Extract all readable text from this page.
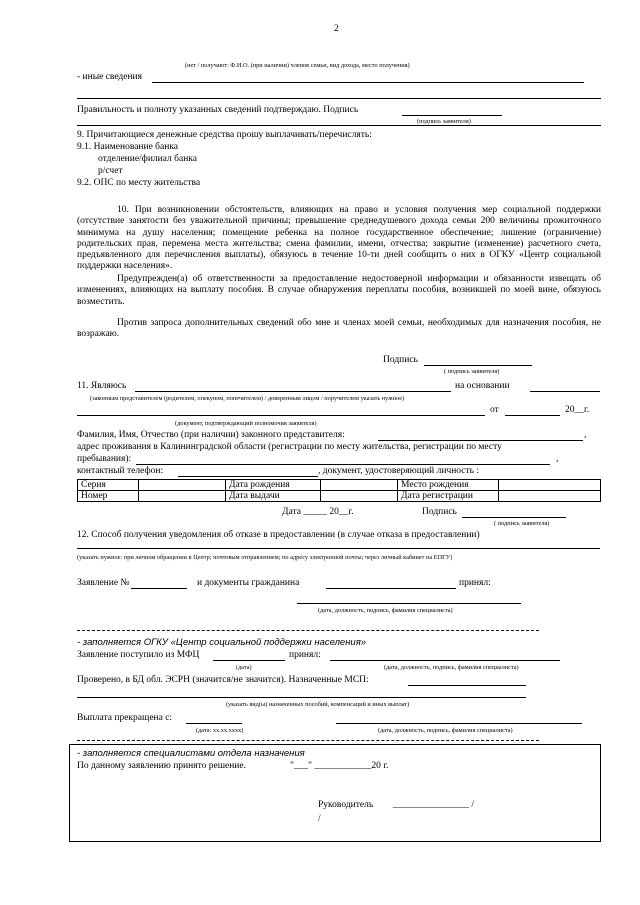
2
(нет / получают: Ф.И.О. (при наличии) членов семьи, вид дохода, место получения)
- иные сведения
Правильность и полноту указанных сведений подтверждаю. Подпись
(подпись заявителя)
9. Причитающиеся денежные средства прошу выплачивать/перечислять:
9.1. Наименование банка
отделение/филиал банка
р/счет
9.2. ОПС по месту жительства
10. При возникновении обстоятельств, влияющих на право и условия получения мер социальной поддержки (отсутствие занятости без уважительной причины; превышение среднедушевого дохода семьи 200 величины прожиточного минимума на душу населения; помещение ребенка на полное государственное обеспечение; лишение (ограничение) родительских прав, перемена места жительства; смена фамилии, имени, отчества; закрытие (изменение) расчетного счета, предъявленного для перечисления выплаты), обязуюсь в течение 10-ти дней сообщить о них в ОГКУ «Центр социальной поддержки населения».
Предупрежден(а) об ответственности за предоставление недостоверной информации и обязанности извещать об изменениях, влияющих на выплату пособия. В случае обнаружения переплаты пособия, возникшей по моей вине, обязуюсь возместить.
Против запроса дополнительных сведений обо мне и членах моей семьи, необходимых для назначения пособия, не возражаю.
Подпись
( подпись заявителя)
11. Являюсь	на основании
(законным представителем (родителем, опекуном, попечителем) / доверенным лицом / поручителем указать нужное)
от	20__г.
(документ, подтверждающий полномочия заявителя)
Фамилия, Имя, Отчество (при наличии) законного представителя:	,
адрес проживания в Калининградской области (регистрации по месту жительства, регистрации по месту
пребывания):	,
контактный телефон:	, документ, удостоверяющий личность :
Серия		Дата рождения		Место рождения	
Номер		Дата выдачи		Дата регистрации	
Дата _____ 20__г.	Подпись
( подпись заявителя)
12. Способ получения уведомления об отказе в предоставлении (в случае отказа в предоставлении)
(указать нужное: при личном обращении в Центр; почтовым отправлением; по адресу электронной почты; через личный кабинет на ЕПГУ)
Заявление №	и документы гражданина	принял:
(дата, должность, подпись, фамилия специалиста)
- заполняется ОГКУ «Центр социальной поддержки населения»
Заявление поступило из МФЦ	принял:
(дата)	(дата, должность, подпись, фамилия специалиста)
Проверено, в БД обл. ЭСРН (значится/не значится). Назначенные МСП:
(указать вид(ы) назначенных пособий, компенсаций и иных выплат)
Выплата прекращена с:
(дата: хх.хх.хххх)	(дата, должность, подпись, фамилия специалиста)
- заполняется специалистами отдела назначения
По данному заявлению принято решение.	"___" ____________20 г.
Руководитель ________________ /
/
